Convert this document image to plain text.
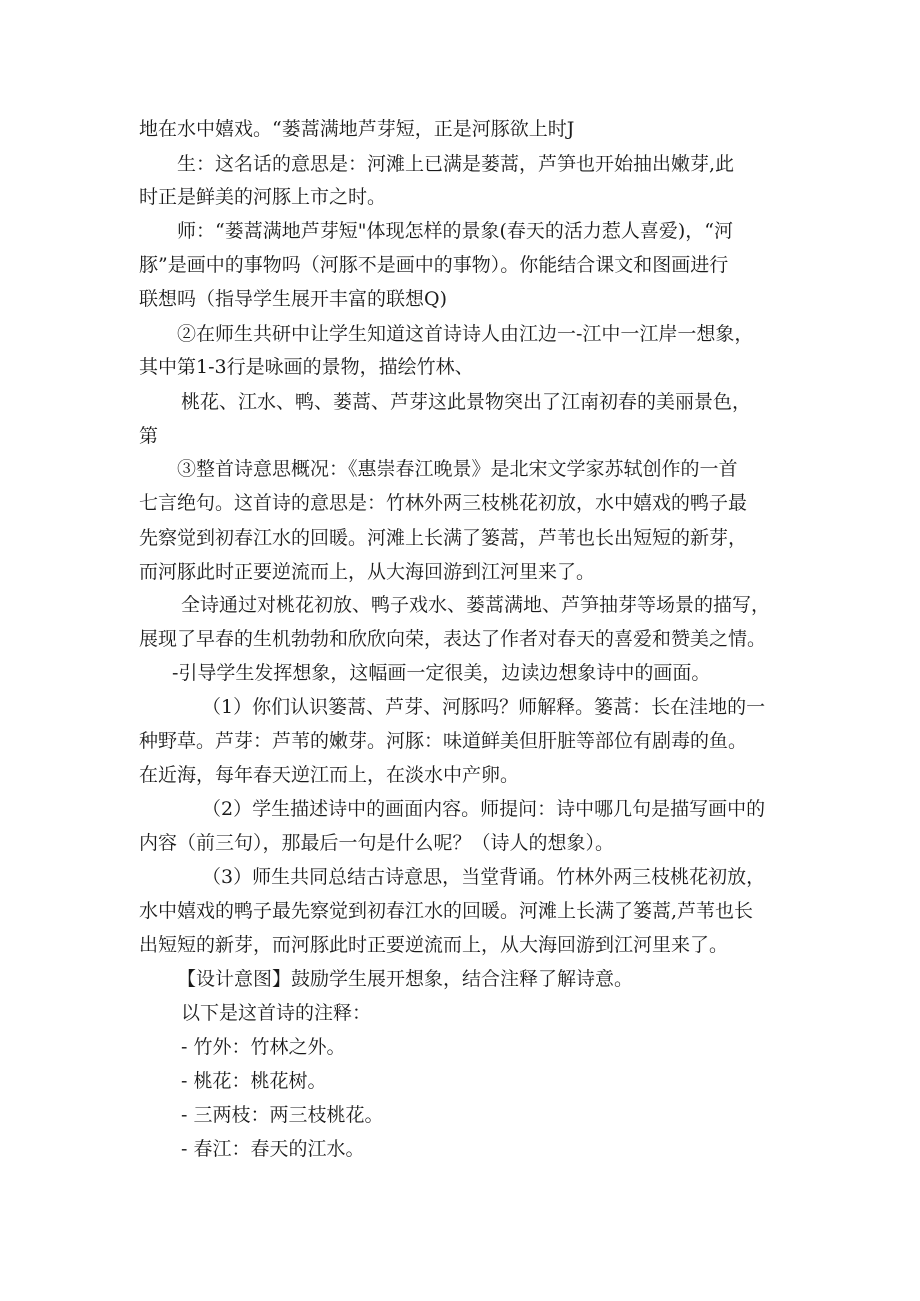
地在水中嬉戏。“蒌蒿满地芦芽短，正是河豚欲上时J
生：这名话的意思是：河滩上已满是蒌蒿，芦笋也开始抽出嫩芽,此
时正是鲜美的河豚上市之时。
师：“蒌蒿满地芦芽短"体现怎样的景象(春天的活力惹人喜爱)，“河
豚”是画中的事物吗（河豚不是画中的事物）。你能结合课文和图画进行
联想吗（指导学生展开丰富的联想Q)
②在师生共研中让学生知道这首诗诗人由江边一-江中一江岸一想象，
其中第1-3行是咏画的景物，描绘竹林、
桃花、江水、鸭、蒌蒿、芦芽这此景物突出了江南初春的美丽景色，
第
③整首诗意思概况：《惠崇春江晚景》是北宋文学家苏轼创作的一首
七言绝句。这首诗的意思是：竹林外两三枝桃花初放，水中嬉戏的鸭子最
先察觉到初春江水的回暖。河滩上长满了篓蒿，芦苇也长出短短的新芽，
而河豚此时正要逆流而上，从大海回游到江河里来了。
全诗通过对桃花初放、鸭子戏水、蒌蒿满地、芦笋抽芽等场景的描写，
展现了早春的生机勃勃和欣欣向荣，表达了作者对春天的喜爱和赞美之情。
-引导学生发挥想象，这幅画一定很美，边读边想象诗中的画面。
（1）你们认识篓蒿、芦芽、河豚吗？师解释。篓蒿：长在洼地的一
种野草。芦芽：芦苇的嫩芽。河豚：味道鲜美但肝脏等部位有剧毒的鱼。
在近海，每年春天逆江而上，在淡水中产卵。
（2）学生描述诗中的画面内容。师提问：诗中哪几句是描写画中的
内容（前三句），那最后一句是什么呢？（诗人的想象）。
（3）师生共同总结古诗意思，当堂背诵。竹林外两三枝桃花初放，
水中嬉戏的鸭子最先察觉到初春江水的回暖。河滩上长满了篓蒿,芦苇也长
出短短的新芽，而河豚此时正要逆流而上，从大海回游到江河里来了。
【设计意图】鼓励学生展开想象，结合注释了解诗意。
以下是这首诗的注释：
- 竹外：竹林之外。
- 桃花：桃花树。
- 三两枝：两三枝桃花。
- 春江：春天的江水。
